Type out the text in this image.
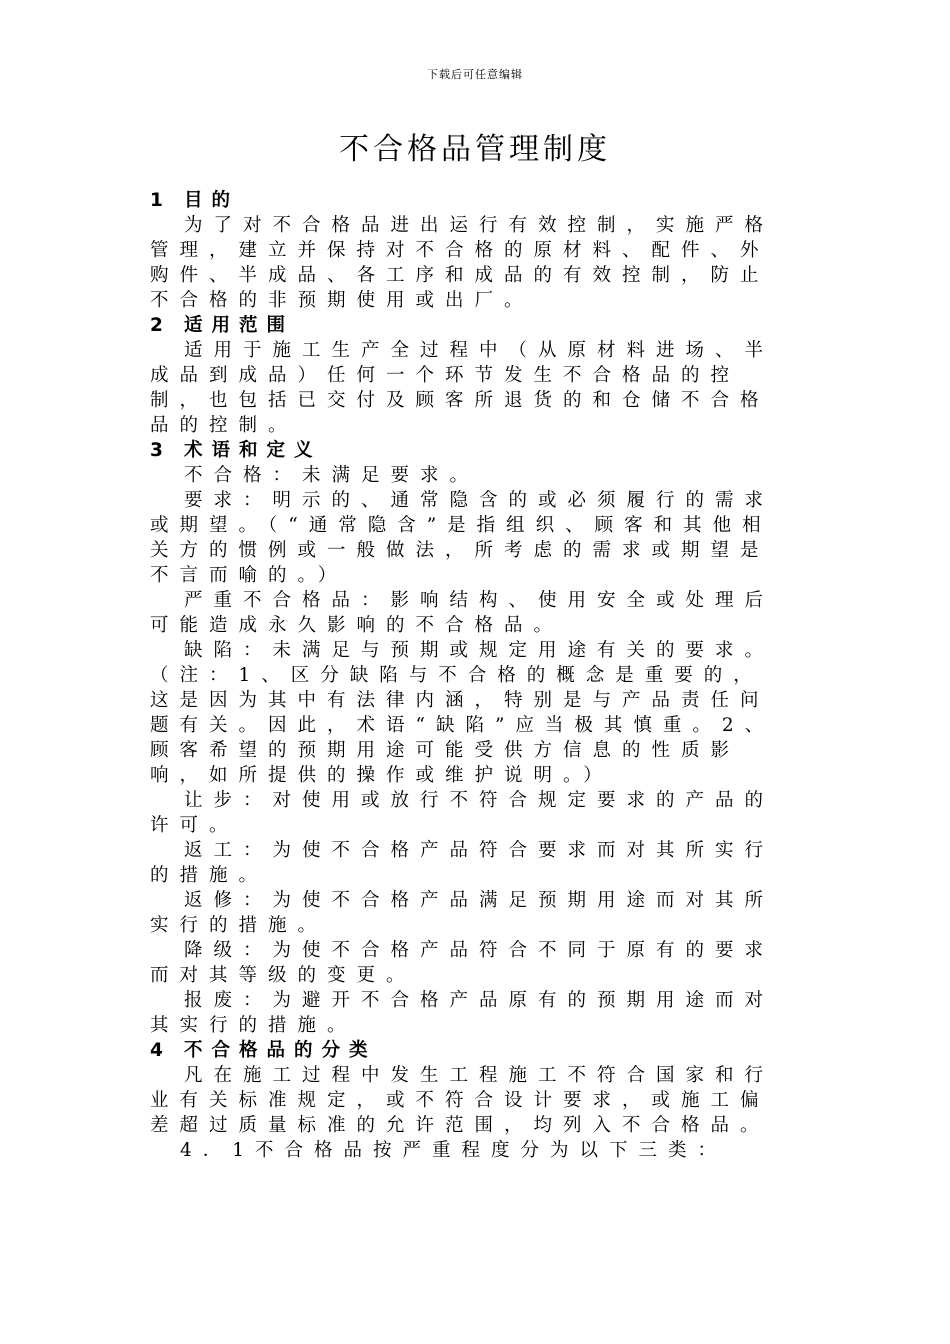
下载后可任意编辑
不合格品管理制度

1 目的

为了对不合格品进出运行有效控制，实施严格管理，建立并保持对不合格的原材料、配件、外购件、半成品、各工序和成品的有效控制，防止不合格的非预期使用或出厂。

2 适用范围

适用于施工生产全过程中（从原材料进场、半成品到成品）任何一个环节发生不合格品的控制，也包括已交付及顾客所退货的和仓储不合格品的控制。

3 术语和定义

不合格：未满足要求。

要求：明示的、通常隐含的或必须履行的需求或期望。（“通常隐含”是指组织、顾客和其他相关方的惯例或一般做法，所考虑的需求或期望是不言而喻的。）

严重不合格品：影响结构、使用安全或处理后可能造成永久影响的不合格品。

缺陷：未满足与预期或规定用途有关的要求。（注：1、区分缺陷与不合格的概念是重要的，这是因为其中有法律内涵，特别是与产品责任问题有关。因此，术语“缺陷”应当极其慎重。2、顾客希望的预期用途可能受供方信息的性质影响，如所提供的操作或维护说明。）

让步：对使用或放行不符合规定要求的产品的许可。

返工：为使不合格产品符合要求而对其所实行的措施。

返修：为使不合格产品满足预期用途而对其所实行的措施。

降级：为使不合格产品符合不同于原有的要求而对其等级的变更。

报废：为避开不合格产品原有的预期用途而对其实行的措施。

4 不合格品的分类

凡在施工过程中发生工程施工不符合国家和行业有关标准规定，或不符合设计要求，或施工偏差超过质量标准的允许范围，均列入不合格品。

4．1不合格品按严重程度分为以下三类：
